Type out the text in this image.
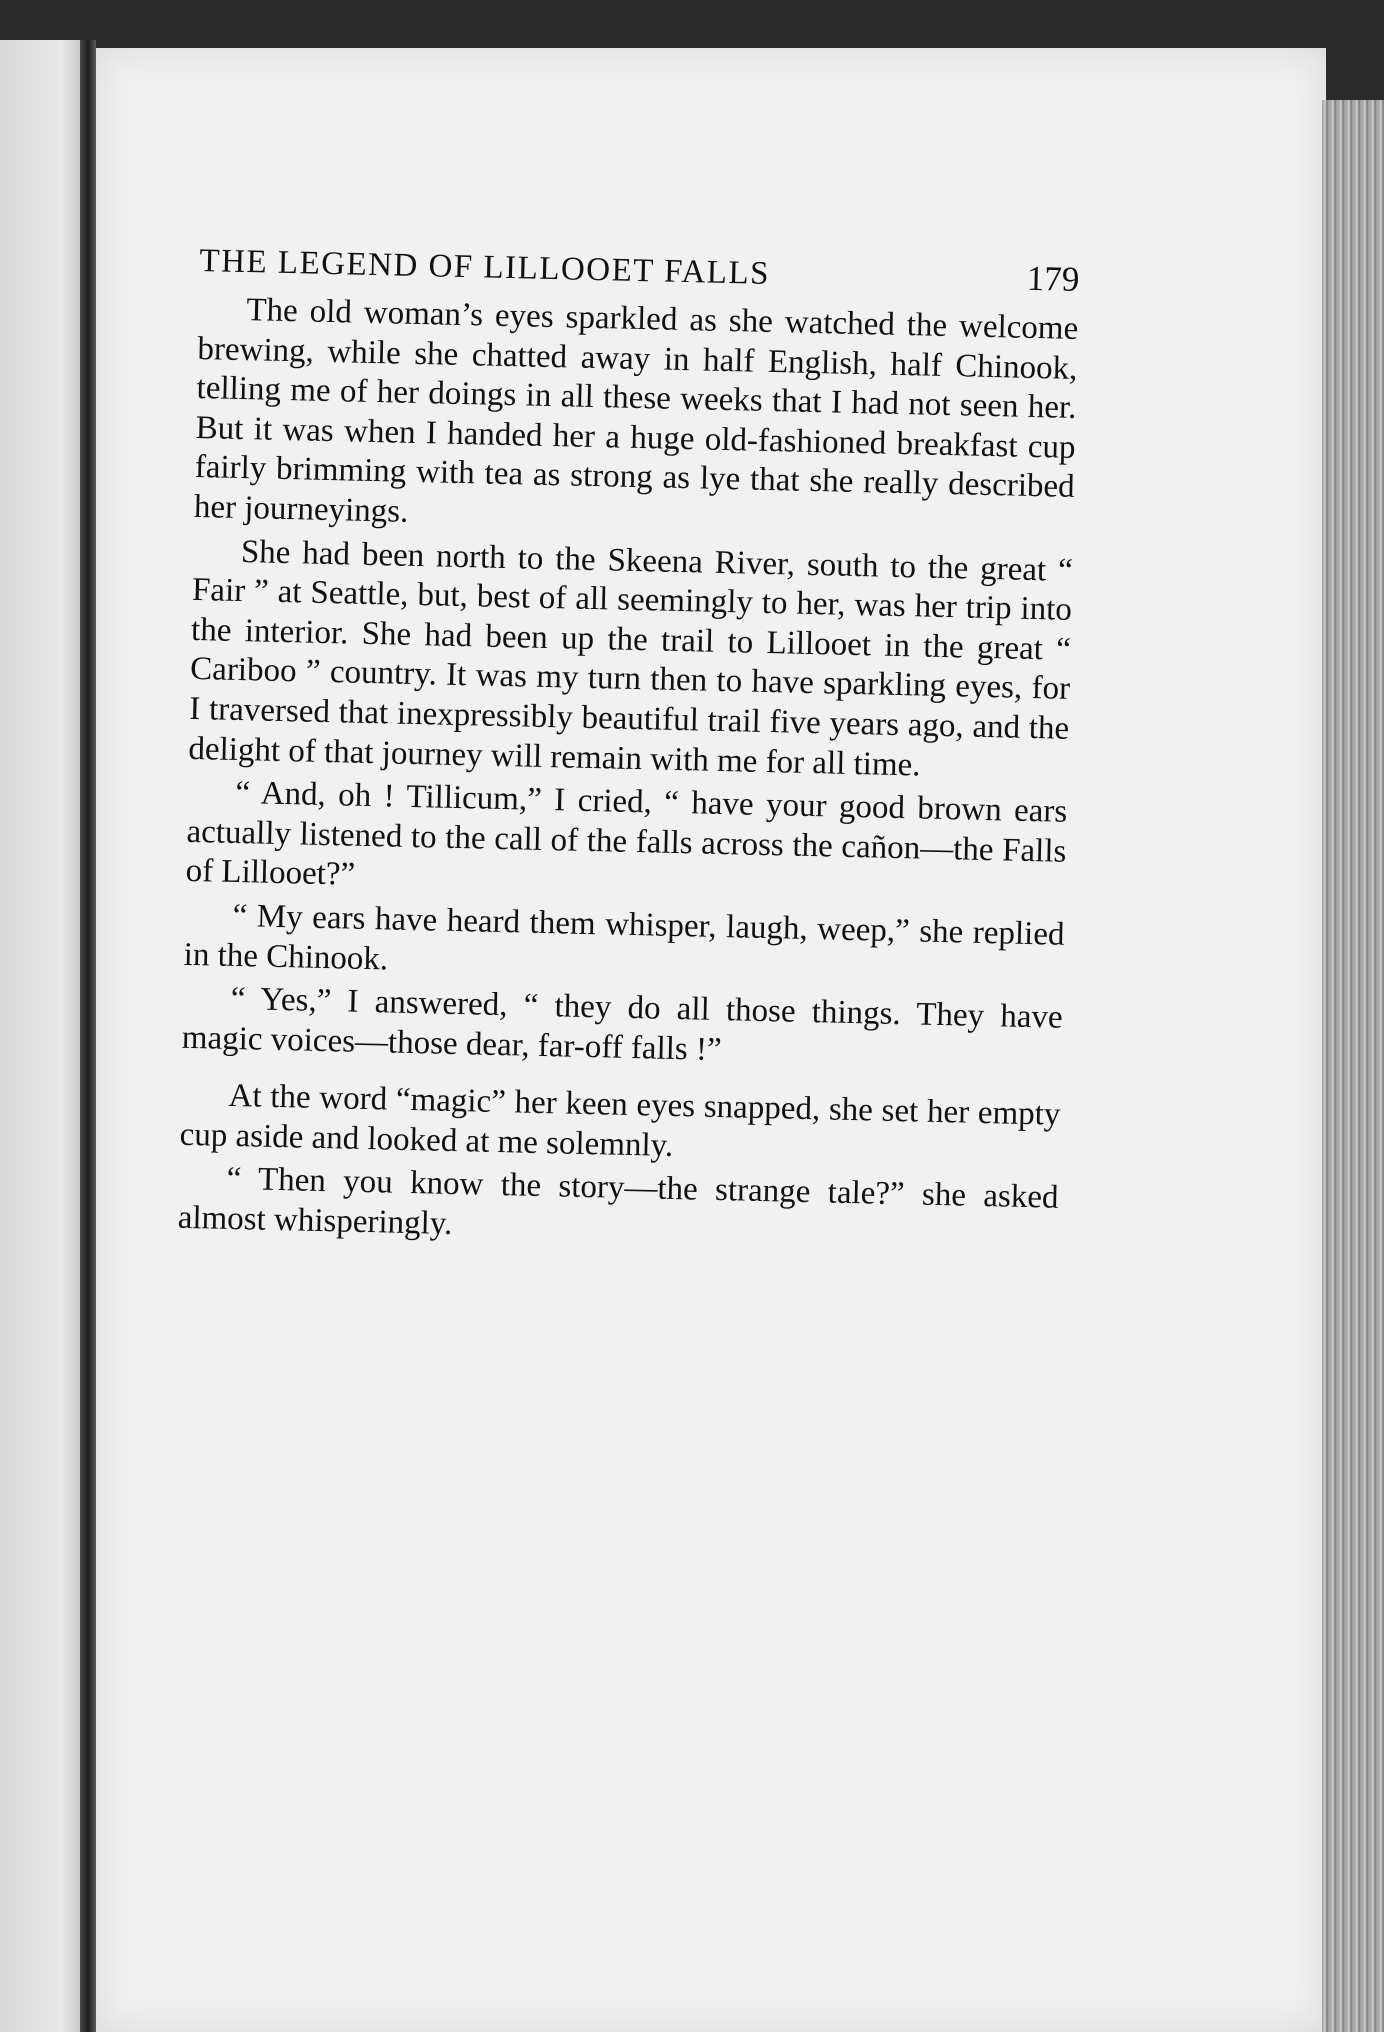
THE LEGEND OF LILLOOET FALLS	179

The old woman’s eyes sparkled as she watched the welcome brewing, while she chatted away in half English, half Chinook, telling me of her doings in all these weeks that I had not seen her. But it was when I handed her a huge old-fashioned breakfast cup fairly brimming with tea as strong as lye that she really described her journeyings.

She had been north to the Skeena River, south to the great “ Fair ” at Seattle, but, best of all seemingly to her, was her trip into the interior. She had been up the trail to Lillooet in the great “ Cariboo ” country. It was my turn then to have sparkling eyes, for I traversed that inexpressibly beautiful trail five years ago, and the delight of that journey will remain with me for all time.

“ And, oh ! Tillicum,” I cried, “ have your good brown ears actually listened to the call of the falls across the cañon—the Falls of Lillooet?”

“ My ears have heard them whisper, laugh, weep,” she replied in the Chinook.

“ Yes,” I answered, “ they do all those things. They have magic voices—those dear, far-off falls !”

At the word “magic” her keen eyes snapped, she set her empty cup aside and looked at me solemnly.

“ Then you know the story—the strange tale?” she asked almost whisperingly.
